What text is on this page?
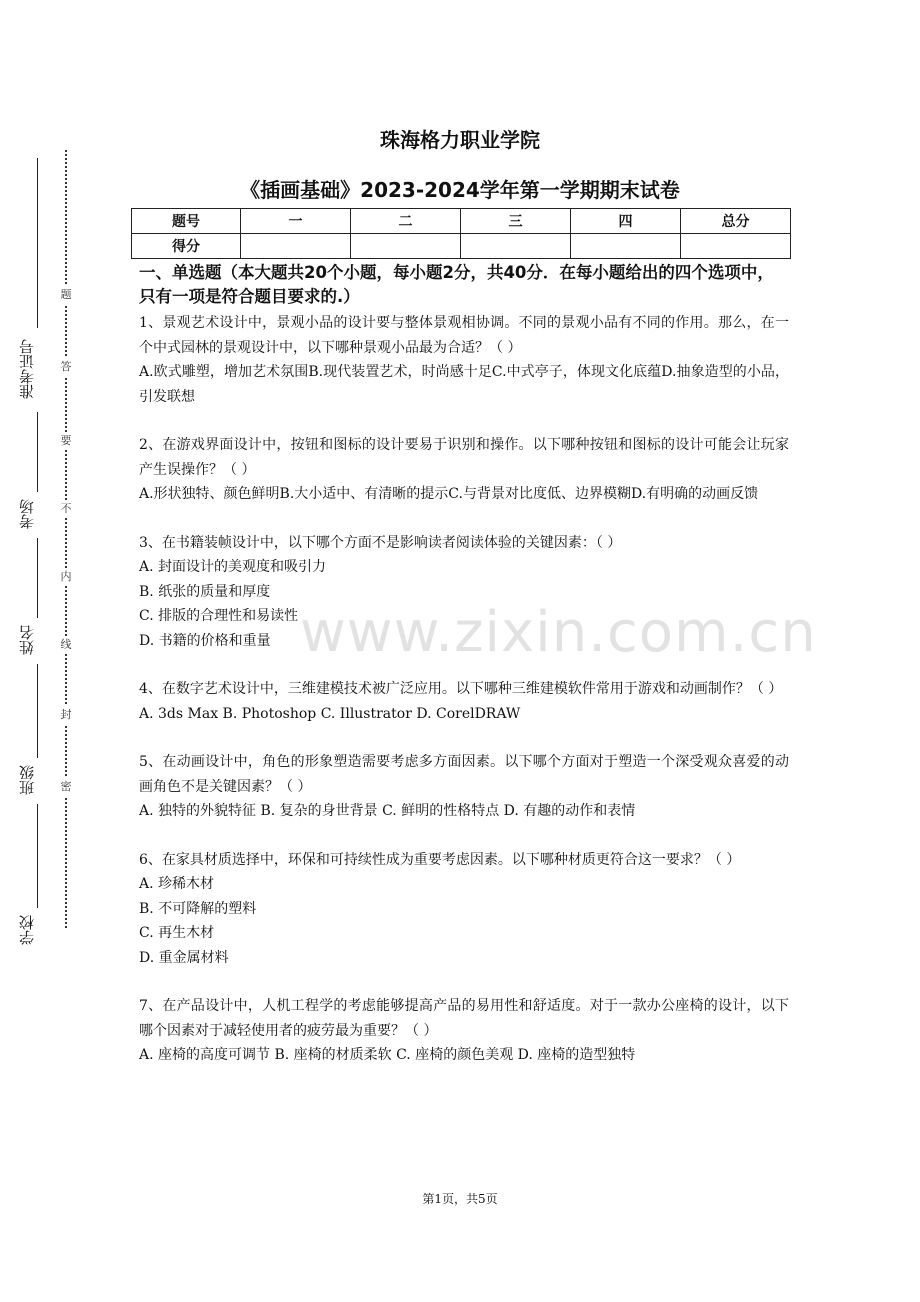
准考证号
考场
姓名
班级
学校
题
答
要
不
内
线
封
密
珠海格力职业学院
《插画基础》2023-2024学年第一学期期末试卷
题号	一	二	三	四	总分
得分					
一、单选题（本大题共20个小题，每小题2分，共40分．在每小题给出的四个选项中，只有一项是符合题目要求的.）

1、景观艺术设计中，景观小品的设计要与整体景观相协调。不同的景观小品有不同的作用。那么，在一个中式园林的景观设计中，以下哪种景观小品最为合适？（ ）

A.欧式雕塑，增加艺术氛围B.现代装置艺术，时尚感十足C.中式亭子，体现文化底蕴D.抽象造型的小品，引发联想

2、在游戏界面设计中，按钮和图标的设计要易于识别和操作。以下哪种按钮和图标的设计可能会让玩家产生误操作？（ ）

A.形状独特、颜色鲜明B.大小适中、有清晰的提示C.与背景对比度低、边界模糊D.有明确的动画反馈

3、在书籍装帧设计中，以下哪个方面不是影响读者阅读体验的关键因素：（ ）

A. 封面设计的美观度和吸引力

B. 纸张的质量和厚度

C. 排版的合理性和易读性

D. 书籍的价格和重量

4、在数字艺术设计中，三维建模技术被广泛应用。以下哪种三维建模软件常用于游戏和动画制作？（ ）

A. 3ds Max B. Photoshop C. Illustrator D. CorelDRAW

5、在动画设计中，角色的形象塑造需要考虑多方面因素。以下哪个方面对于塑造一个深受观众喜爱的动画角色不是关键因素？（ ）

A. 独特的外貌特征 B. 复杂的身世背景 C. 鲜明的性格特点 D. 有趣的动作和表情

6、在家具材质选择中，环保和可持续性成为重要考虑因素。以下哪种材质更符合这一要求？（ ）

A. 珍稀木材

B. 不可降解的塑料

C. 再生木材

D. 重金属材料

7、在产品设计中，人机工程学的考虑能够提高产品的易用性和舒适度。对于一款办公座椅的设计，以下哪个因素对于减轻使用者的疲劳最为重要？（ ）

A. 座椅的高度可调节 B. 座椅的材质柔软 C. 座椅的颜色美观 D. 座椅的造型独特

www.zixin.com.cn
第1页，共5页
